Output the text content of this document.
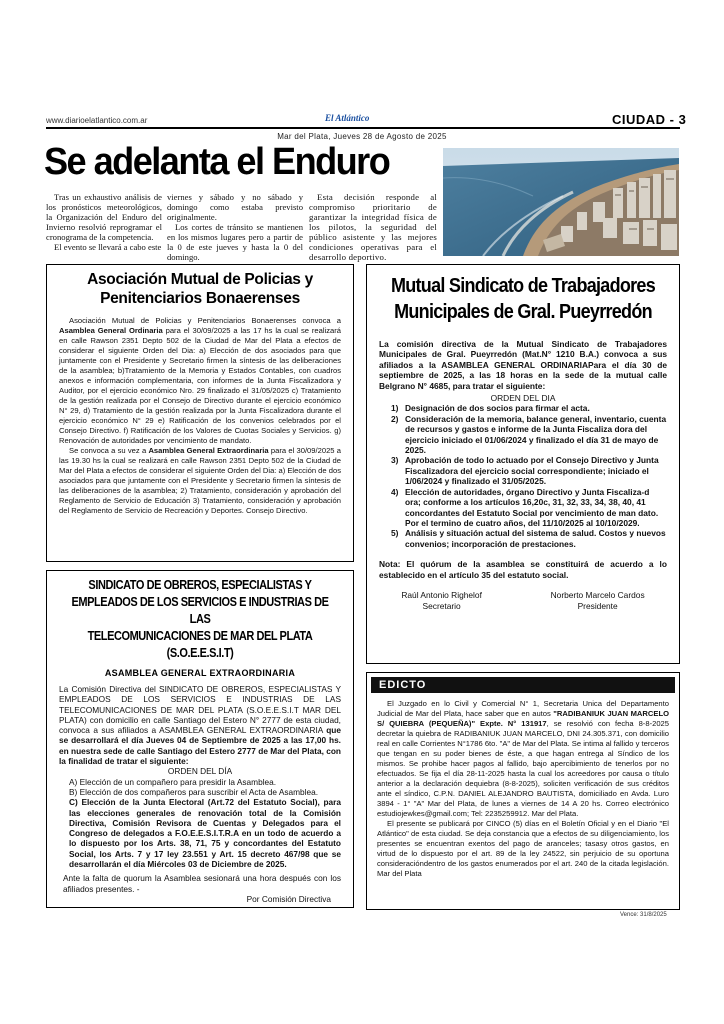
www.diarioelatlantico.com.ar	El Atlántico	CIUDAD - 3
Mar del Plata, Jueves 28 de Agosto de 2025
Se adelanta el Enduro

Tras un exhaustivo análisis de los pronósticos meteorológicos, la Organización del Enduro del Invierno resolvió reprogramar el cronograma de la competencia.

El evento se llevará a cabo este

viernes y sábado y no sábado y domingo como estaba previsto originalmente.

Los cortes de tránsito se mantienen en los mismos lugares pero a partir de la 0 de este jueves y hasta la 0 del domingo.

Esta decisión responde al compromiso prioritario de garantizar la integridad física de los pilotos, la seguridad del público asistente y las mejores condiciones operativas para el desarrollo deportivo.

Asociación Mutual de Policias y
Penitenciarios Bonaerenses

Asociación Mutual de Policias y Penitenciarios Bonaerenses convoca a Asamblea General Ordinaria para el 30/09/2025 a las 17 hs la cual se realizará en calle Rawson 2351 Depto 502 de la Ciudad de Mar del Plata a efectos de considerar el siguiente Orden del Dia: a) Elección de dos asociados para que juntamente con el Presidente y Secretario firmen la síntesis de las deliberaciones de la asamblea; b)Tratamiento de la Memoria y Estados Contables, con cuadros anexos e información complementaria, con informes de la Junta Fiscalizadora y Auditor, por el ejercicio económico Nro. 29 finalizado el 31/05/2025 c) Tratamiento de la gestión realizada por el Consejo de Directivo durante el ejercicio económico N° 29, d) Tratamiento de la gestión realizada por la Junta Fiscalizadora durante el ejercicio económico N° 29 e) Ratificación de los convenios celebrados por el Consejo Directivo. f) Ratificación de los Valores de Cuotas Sociales y Servicios. g) Renovación de autoridades por vencimiento de mandato.

Se convoca a su vez a Asamblea General Extraordinaria para el 30/09/2025 a las 19.30 hs la cual se realizará en calle Rawson 2351 Depto 502 de la Ciudad de Mar del Plata a efectos de considerar el siguiente Orden del Dia: a) Elección de dos asociados para que juntamente con el Presidente y Secretario firmen la síntesis de las deliberaciones de la asamblea; 2) Tratamiento, consideración y aprobación del Reglamento de Servicio de Educación 3) Tratamiento, consideración y aprobación del Reglamento de Servicio de Recreación y Deportes. Consejo Directivo.

Mutual Sindicato de Trabajadores
Municipales de Gral. Pueyrredón

La comisión directiva de la Mutual Sindicato de Trabajadores Municipales de Gral. Pueyrredón (Mat.N° 1210 B.A.) convoca a sus afiliados a la ASAMBLEA GENERAL ORDINARIAPara el día 30 de septiembre de 2025, a las 18 horas en la sede de la mutual calle Belgrano N° 4685, para tratar el siguiente:

ORDEN DEL DIA

1) Designación de dos socios para firmar el acta.
2) Consideración de la memoria, balance general, inventario, cuenta de recursos y gastos e informe de la Junta Fiscaliza dora del ejercicio iniciado el 01/06/2024 y finalizado el día 31 de mayo de 2025.
3) Aprobación de todo lo actuado por el Consejo Directivo y Junta Fiscalizadora del ejercicio social correspondiente; iniciado el 1/06/2024 y finalizado el 31/05/2025.
4) Elección de autoridades, órgano Directivo y Junta Fiscaliza-d ora; conforme a los artículos 16,20c, 31, 32, 33, 34, 38, 40, 41 concordantes del Estatuto Social por vencimiento de man dato. Por el termino de cuatro años, del 11/10/2025 al 10/10/2029.
5) Análisis y situación actual del sistema de salud. Costos y nuevos convenios; incorporación de prestaciones.

Nota: El quórum de la asamblea se constituirá de acuerdo a lo establecido en el artículo 35 del estatuto social.

Raúl Antonio Righelof
Secretario
Norberto Marcelo Cardos
Presidente
SINDICATO DE OBREROS, ESPECIALISTAS Y
EMPLEADOS DE LOS SERVICIOS E INDUSTRIAS DE LAS
TELECOMUNICACIONES DE MAR DEL PLATA (S.O.E.E.S.I.T)
ASAMBLEA GENERAL EXTRAORDINARIA

La Comisión Directiva del SINDICATO DE OBREROS, ESPECIALISTAS Y EMPLEADOS DE LOS SERVICIOS E INDUSTRIAS DE LAS TELECOMUNICACIONES DE MAR DEL PLATA (S.O.E.E.S.I.T MAR DEL PLATA) con domicilio en calle Santiago del Estero N° 2777 de esta ciudad, convoca a sus afiliados a ASAMBLEA GENERAL EXTRAORDINARIA que se desarrollará el día Jueves 04 de Septiembre de 2025 a las 17,00 hs. en nuestra sede de calle Santiago del Estero 2777 de Mar del Plata, con la finalidad de tratar el siguiente:

ORDEN DEL DÍA

A) Elección de un compañero para presidir la Asamblea.

B) Elección de dos compañeros para suscribir el Acta de Asamblea.

C) Elección de la Junta Electoral (Art.72 del Estatuto Social), para las elecciones generales de renovación total de la Comisión Directiva, Comisión Revisora de Cuentas y Delegados para el Congreso de delegados a F.O.E.E.S.I.T.R.A en un todo de acuerdo a lo dispuesto por los Arts. 38, 71, 75 y concordantes del Estatuto Social, los Arts. 7 y 17 ley 23.551 y Art. 15 decreto 467/98 que se desarrollarán el día Miércoles 03 de Diciembre de 2025.

Ante la falta de quorum la Asamblea sesionará una hora después con los afiliados presentes. -

Por Comisión Directiva

EDICTO

El Juzgado en lo Civil y Comercial N° 1, Secretaria Unica del Departamento Judicial de Mar del Plata, hace saber que en autos "RADIBANIUK JUAN MARCELO S/ QUIEBRA (PEQUEÑA)" Expte. N° 131917, se resolvió con fecha 8-8-2025 decretar la quiebra de RADIBANIUK JUAN MARCELO, DNI 24.305.371, con domicilio real en calle Corrientes N°1786 6to. "A" de Mar del Plata. Se intima al fallido y terceros que tengan en su poder bienes de éste, a que hagan entrega al Síndico de los mismos. Se prohibe hacer pagos al fallido, bajo apercibimiento de tenerlos por no efectuados. Se fija el día 28-11-2025 hasta la cual los acreedores por causa o título anterior a la declaración dequiebra (8-8-2025), soliciten verificación de sus créditos ante el síndico, C.P.N. DANIEL ALEJANDRO BAUTISTA, domiciliado en Avda. Luro 3894 - 1° "A" Mar del Plata, de lunes a viernes de 14 A 20 hs. Correo electrónico estudiojewkes@gmail.com; Tel: 2235259912. Mar del Plata.

El presente se publicará por CINCO (5) días en el Boletín Oficial y en el Diario "El Atlántico" de esta ciudad. Se deja constancia que a efectos de su diligenciamiento, los presentes se encuentran exentos del pago de aranceles; tasasy otros gastos, en virtud de lo dispuesto por el art. 89 de la ley 24522, sin perjuicio de su oportuna consideracióndentro de los gastos enumerados por el art. 240 de la citada legislación. Mar del Plata

Vence: 31/8/2025
